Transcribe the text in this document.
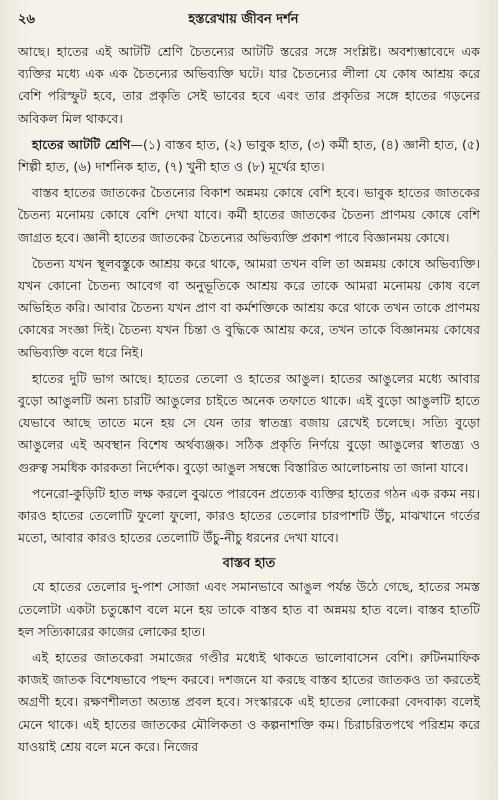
২৬	হস্তরেখায় জীবন দর্শন

আছে। হাতের এই আটটি শ্রেণি চৈতন্যের আটটি স্তরের সঙ্গে সংশ্লিষ্ট। অবশ্যম্ভাবেদে এক ব্যক্তির মধ্যে এক এক চৈতন্যের অভিব্যক্তি ঘটে। যার চৈতন্যের লীলা যে কোষ আশ্রয় করে বেশি পরিস্ফুট হবে, তার প্রকৃতি সেই ভাবের হবে এবং তার প্রকৃতির সঙ্গে হাতের গড়নের অবিকল মিল থাকবে।

হাতের আটটি শ্রেণি—(১) বাস্তব হাত, (২) ভাবুক হাত, (৩) কর্মী হাত, (৪) জ্ঞানী হাত, (৫) শিল্পী হাত, (৬) দার্শনিক হাত, (৭) খুনী হাত ও (৮) মূর্খের হাত।

বাস্তব হাতের জাতকের চৈতন্যের বিকাশ অন্নময় কোষে বেশি হবে। ভাবুক হাতের জাতকের চৈতন্য মনোময় কোষে বেশি দেখা যাবে। কর্মী হাতের জাতকের চৈতন্য প্রাণময় কোষে বেশি জাগ্রত হবে। জ্ঞানী হাতের জাতকের চৈতন্যের অভিব্যক্তি প্রকাশ পাবে বিজ্ঞানময় কোষে।

চৈতন্য যখন স্থূলবস্তুকে আশ্রয় করে থাকে, আমরা তখন বলি তা অন্নময় কোষে অভিব্যক্তি। যখন কোনো চৈতন্য আবেগ বা অনুভূতিকে আশ্রয় করে তাকে আমরা মনোময় কোষ বলে অভিহিত করি। আবার চৈতন্য যখন প্রাণ বা কর্মশক্তিকে আশ্রয় করে থাকে তখন তাকে প্রাণময় কোষের সংজ্ঞা দিই। চৈতন্য যখন চিন্তা ও বুদ্ধিকে আশ্রয় করে, তখন তাকে বিজ্ঞানময় কোষের অভিব্যক্তি বলে ধরে নিই।

হাতের দুটি ভাগ আছে। হাতের তেলো ও হাতের আঙুল। হাতের আঙুলের মধ্যে আবার বুড়ো আঙুলটি অন্য চারটি আঙুলের চাইতে অনেক তফাতে থাকে। এই বুড়ো আঙুলটি হাতে যেভাবে আছে তাতে মনে হয় সে যেন তার স্বাতন্ত্র্য বজায় রেখেই চলেছে। সত্যি বুড়ো আঙুলের এই অবস্থান বিশেষ অর্থব্যঞ্জক। সঠিক প্রকৃতি নির্ণয়ে বুড়ো আঙুলের স্বাতন্ত্র্য ও গুরুত্ব সমধিক কারকতা নির্দেশক। বুড়ো আঙুল সম্বন্ধে বিস্তারিত আলোচনায় তা জানা যাবে।

পনেরো-কুড়িটি হাত লক্ষ করলে বুঝতে পারবেন প্রত্যেক ব্যক্তির হাতের গঠন এক রকম নয়। কারও হাতের তেলোটি ফুলো ফুলো, কারও হাতের তেলোর চারপাশটি উঁচু, মাঝখানে গর্তের মতো, আবার কারও হাতের তেলোটি উঁচু-নীচু ধরনের দেখা যাবে।

বাস্তব হাত

যে হাতের তেলোর দু-পাশ সোজা এবং সমানভাবে আঙুল পর্যন্ত উঠে গেছে, হাতের সমস্ত তেলোটা একটা চতুষ্কোণ বলে মনে হয় তাকে বাস্তব হাত বা অন্নময় হাত বলে। বাস্তব হাতটি হল সত্যিকারের কাজের লোকের হাত।

এই হাতের জাতকেরা সমাজের গণ্ডীর মধ্যেই থাকতে ভালোবাসেন বেশি। রুটিনমাফিক কাজই জাতক বিশেষভাবে পছন্দ করবে। দশজনে যা করছে বাস্তব হাতের জাতকও তা করতেই অগ্রণী হবে। রক্ষণশীলতা অত্যন্ত প্রবল হবে। সংস্কারকে এই হাতের লোকেরা বেদবাক্য বলেই মেনে থাকে। এই হাতের জাতকের মৌলিকতা ও কল্পনাশক্তি কম। চিরাচরিতপথে পরিশ্রম করে যাওয়াই শ্রেয় বলে মনে করে। নিজের
